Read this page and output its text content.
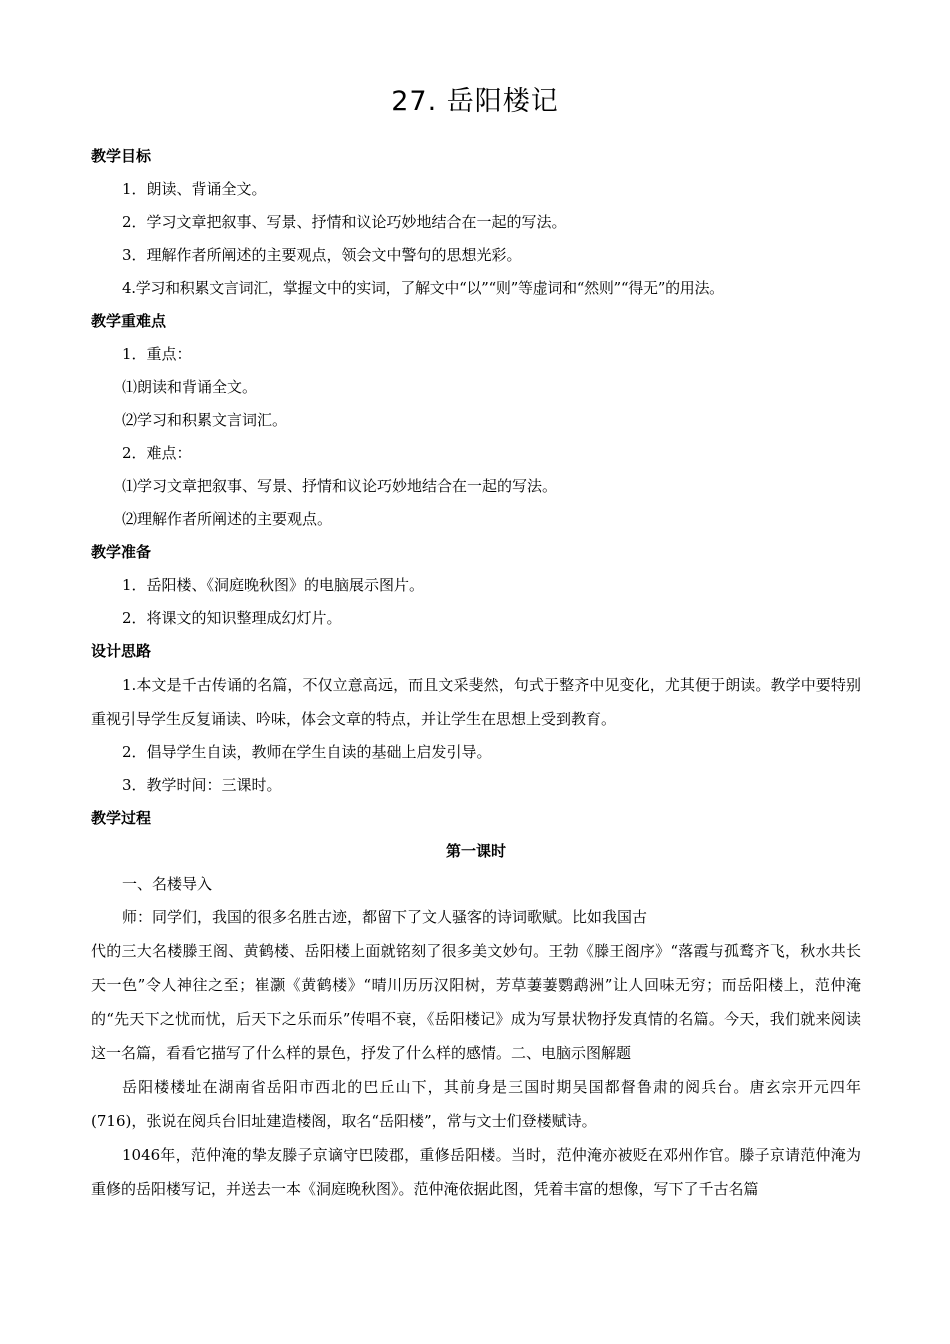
27. 岳阳楼记

教学目标

1．朗读、背诵全文。

2．学习文章把叙事、写景、抒情和议论巧妙地结合在一起的写法。

3．理解作者所阐述的主要观点，领会文中警句的思想光彩。

4.学习和积累文言词汇，掌握文中的实词，了解文中“以”“则”等虚词和“然则”“得无”的用法。

教学重难点

1．重点：

⑴朗读和背诵全文。

⑵学习和积累文言词汇。

2．难点：

⑴学习文章把叙事、写景、抒情和议论巧妙地结合在一起的写法。

⑵理解作者所阐述的主要观点。

教学准备

1．岳阳楼、《洞庭晚秋图》的电脑展示图片。

2．将课文的知识整理成幻灯片。

设计思路

1.本文是千古传诵的名篇，不仅立意高远，而且文采斐然，句式于整齐中见变化，尤其便于朗读。教学中要特别重视引导学生反复诵读、吟味，体会文章的特点，并让学生在思想上受到教育。

2．倡导学生自读，教师在学生自读的基础上启发引导。

3．教学时间：三课时。

教学过程

第一课时

一、名楼导入

师：同学们，我国的很多名胜古迹，都留下了文人骚客的诗词歌赋。比如我国古

代的三大名楼滕王阁、黄鹤楼、岳阳楼上面就铭刻了很多美文妙句。王勃《滕王阁序》“落霞与孤鹜齐飞，秋水共长天一色”令人神往之至；崔灏《黄鹤楼》“晴川历历汉阳树，芳草萋萋鹦鹉洲”让人回味无穷；而岳阳楼上，范仲淹的“先天下之忧而忧，后天下之乐而乐”传唱不衰，《岳阳楼记》成为写景状物抒发真情的名篇。今天，我们就来阅读这一名篇，看看它描写了什么样的景色，抒发了什么样的感情。二、电脑示图解题

岳阳楼楼址在湖南省岳阳市西北的巴丘山下，其前身是三国时期吴国都督鲁肃的阅兵台。唐玄宗开元四年(716)，张说在阅兵台旧址建造楼阁，取名“岳阳楼”，常与文士们登楼赋诗。

1046年，范仲淹的挚友滕子京谪守巴陵郡，重修岳阳楼。当时，范仲淹亦被贬在邓州作官。滕子京请范仲淹为重修的岳阳楼写记，并送去一本《洞庭晚秋图》。范仲淹依据此图，凭着丰富的想像，写下了千古名篇
